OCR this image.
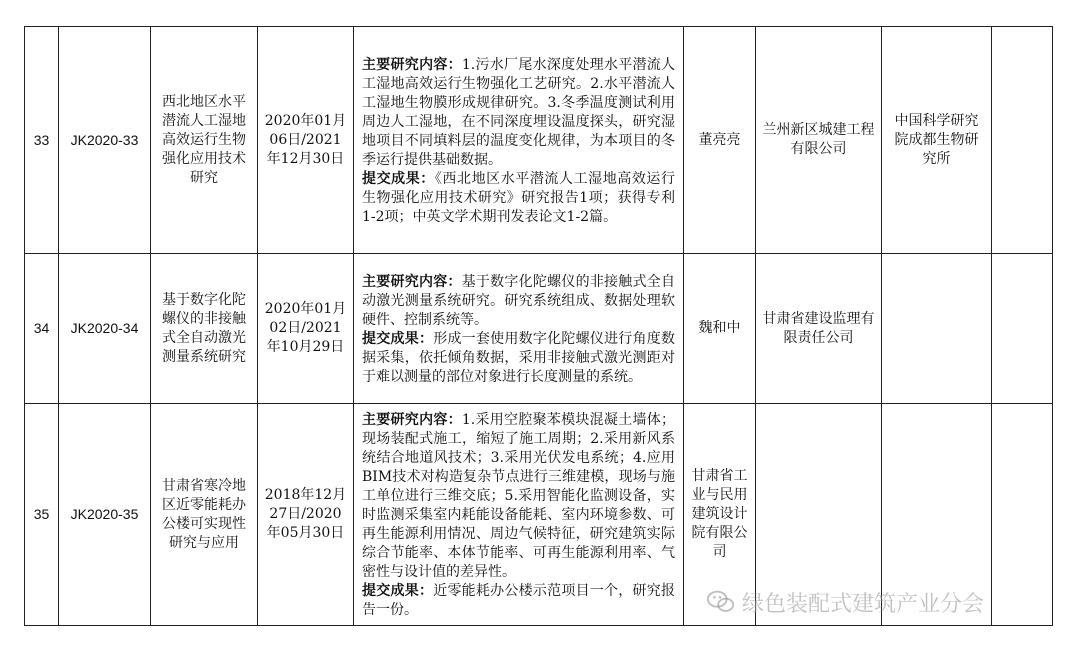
33	JK2020-33	西北地区水平潜流人工湿地高效运行生物强化应用技术研究	2020年01月06日/2021年12月30日	主要研究内容：1.污水厂尾水深度处理水平潜流人工湿地高效运行生物强化工艺研究。2.水平潜流人工湿地生物膜形成规律研究。3.冬季温度测试利用周边人工湿地，在不同深度埋设温度探头，研究湿地项目不同填料层的温度变化规律，为本项目的冬季运行提供基础数据。

提交成果：《西北地区水平潜流人工湿地高效运行生物强化应用技术研究》研究报告1项；获得专利1-2项；中英文学术期刊发表论文1-2篇。	董亮亮	兰州新区城建工程有限公司	中国科学研究院成都生物研究所	
34	JK2020-34	基于数字化陀螺仪的非接触式全自动激光测量系统研究	2020年01月02日/2021年10月29日	主要研究内容：基于数字化陀螺仪的非接触式全自动激光测量系统研究。研究系统组成、数据处理软硬件、控制系统等。

提交成果：形成一套使用数字化陀螺仪进行角度数据采集，依托倾角数据，采用非接触式激光测距对于难以测量的部位对象进行长度测量的系统。	魏和中	甘肃省建设监理有限责任公司		
35	JK2020-35	甘肃省寒冷地区近零能耗办公楼可实现性研究与应用	2018年12月27日/2020年05月30日	主要研究内容：1.采用空腔聚苯模块混凝土墙体；现场装配式施工，缩短了施工周期；2.采用新风系统结合地道风技术；3.采用光伏发电系统；4.应用BIM技术对构造复杂节点进行三维建模，现场与施工单位进行三维交底；5.采用智能化监测设备，实时监测采集室内耗能设备能耗、室内环境参数、可再生能源利用情况、周边气候特征，研究建筑实际综合节能率、本体节能率、可再生能源利用率、气密性与设计值的差异性。

提交成果：近零能耗办公楼示范项目一个，研究报告一份。	甘肃省工业与民用建筑设计院有限公司			
绿色装配式建筑产业分会
